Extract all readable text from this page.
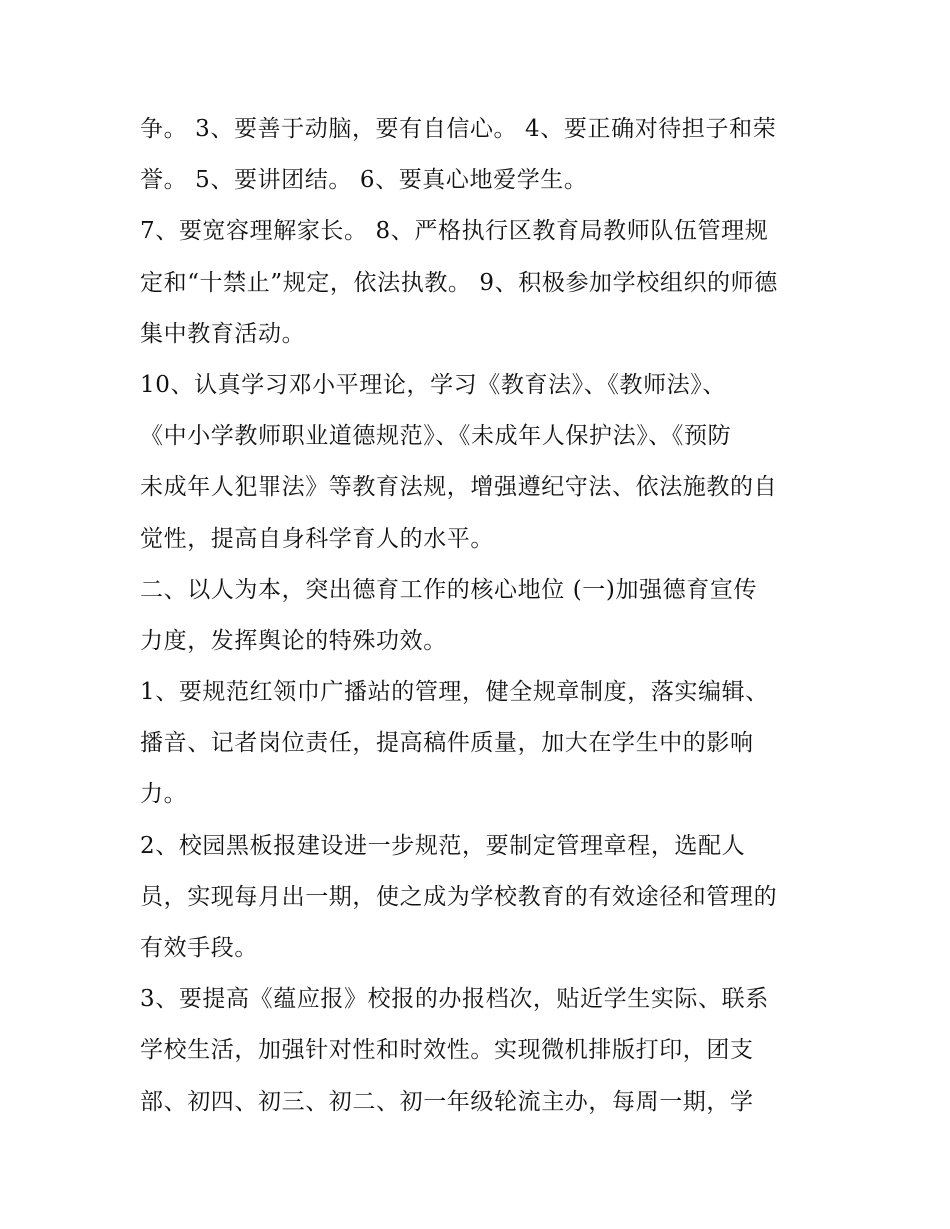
争。 3、要善于动脑，要有自信心。 4、要正确对待担子和荣
誉。 5、要讲团结。 6、要真心地爱学生。
7、要宽容理解家长。 8、严格执行区教育局教师队伍管理规
定和“十禁止”规定，依法执教。 9、积极参加学校组织的师德
集中教育活动。
10、认真学习邓小平理论，学习《教育法》、《教师法》、
《中小学教师职业道德规范》、《未成年人保护法》、《预防
未成年人犯罪法》等教育法规，增强遵纪守法、依法施教的自
觉性，提高自身科学育人的水平。
二、以人为本，突出德育工作的核心地位 (一)加强德育宣传
力度，发挥舆论的特殊功效。
1、要规范红领巾广播站的管理，健全规章制度，落实编辑、
播音、记者岗位责任，提高稿件质量，加大在学生中的影响
力。
2、校园黑板报建设进一步规范，要制定管理章程，选配人
员，实现每月出一期，使之成为学校教育的有效途径和管理的
有效手段。
3、要提高《蕴应报》校报的办报档次，贴近学生实际、联系
学校生活，加强针对性和时效性。实现微机排版打印，团支
部、初四、初三、初二、初一年级轮流主办，每周一期，学
